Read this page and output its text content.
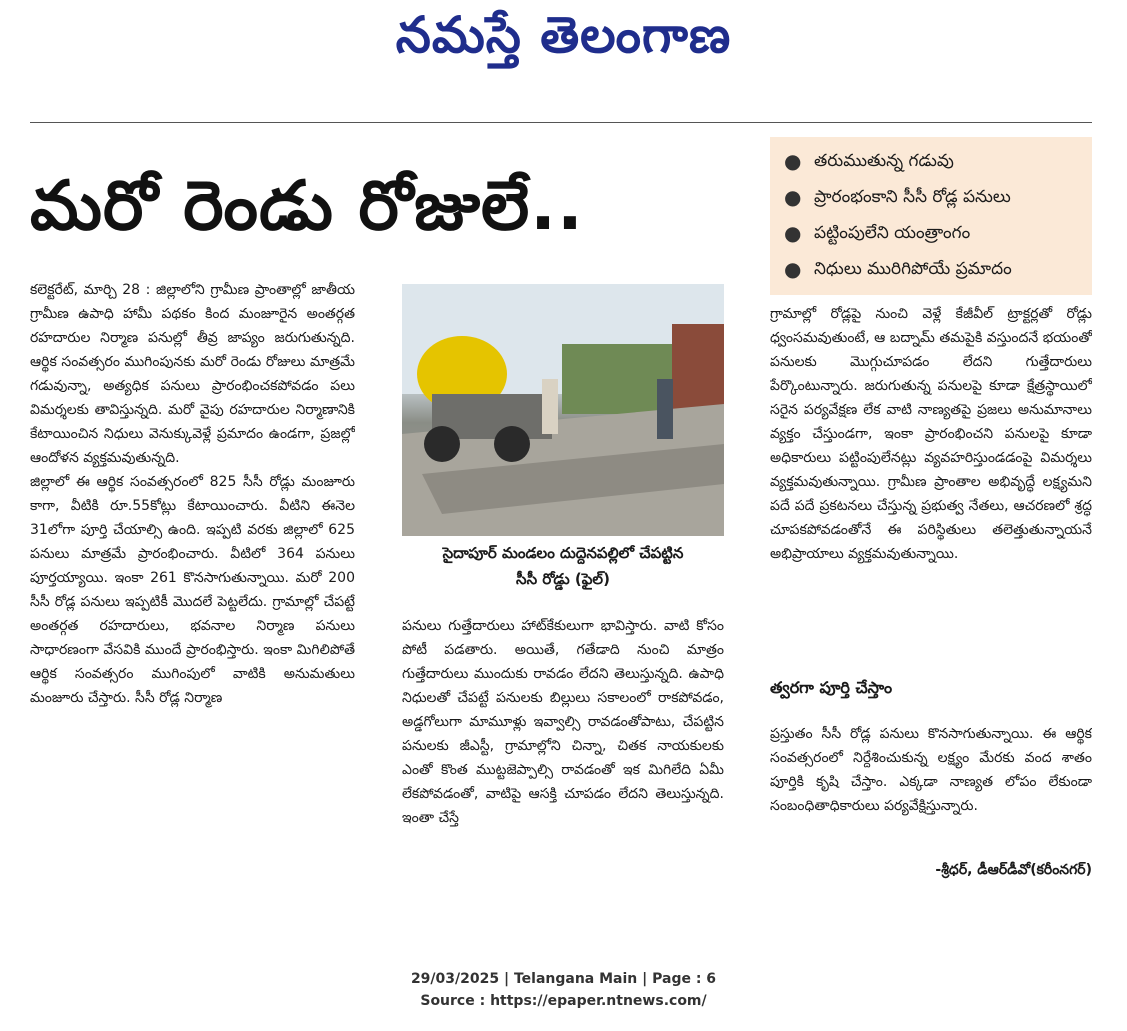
నమస్తే తెలంగాణ
మరో రెండు రోజులే..
● తరుముతున్న గడువు
● ప్రారంభంకాని సీసీ రోడ్ల పనులు
● పట్టింపులేని యంత్రాంగం
● నిధులు మురిగిపోయే ప్రమాదం

కలెక్టరేట్, మార్చి 28 : జిల్లాలోని గ్రామీణ ప్రాంతాల్లో జాతీయ గ్రామీణ ఉపాధి హామీ పథకం కింద మంజూరైన అంతర్గత రహదారుల నిర్మాణ పనుల్లో తీవ్ర జాప్యం జరుగుతున్నది. ఆర్థిక సంవత్సరం ముగింపునకు మరో రెండు రోజులు మాత్రమే గడువున్నా, అత్యధిక పనులు ప్రారంభించకపోవడం పలు విమర్శలకు తావిస్తున్నది. మరో వైపు రహదారుల నిర్మాణానికి కేటాయించిన నిధులు వెనుక్కువెళ్లే ప్రమాదం ఉండగా, ప్రజల్లో ఆందోళన వ్యక్తమవుతున్నది.

జిల్లాలో ఈ ఆర్థిక సంవత్సరంలో 825 సీసీ రోడ్లు మంజూరు కాగా, వీటికి రూ.55కోట్లు కేటాయించారు. వీటిని ఈనెల 31లోగా పూర్తి చేయాల్సి ఉంది. ఇప్పటి వరకు జిల్లాలో 625 పనులు మాత్రమే ప్రారంభించారు. వీటిలో 364 పనులు పూర్తయ్యాయి. ఇంకా 261 కొనసాగుతున్నాయి. మరో 200 సీసీ రోడ్ల పనులు ఇప్పటికీ మొదలే పెట్టలేదు. గ్రామాల్లో చేపట్టే అంతర్గత రహదారులు, భవనాల నిర్మాణ పనులు సాధారణంగా వేసవికి ముందే ప్రారంభిస్తారు. ఇంకా మిగిలిపోతే ఆర్థిక సంవత్సరం ముగింపులో వాటికి అనుమతులు మంజూరు చేస్తారు. సీసీ రోడ్ల నిర్మాణ

సైదాపూర్ మండలం దుద్దెనపల్లిలో చేపట్టిన
సీసీ రోడ్డు (ఫైల్)

పనులు గుత్తేదారులు హాట్‌కేకులుగా భావిస్తారు. వాటి కోసం పోటీ పడతారు. అయితే, గతేడాది నుంచి మాత్రం గుత్తేదారులు ముందుకు రావడం లేదని తెలుస్తున్నది. ఉపాధి నిధులతో చేపట్టే పనులకు బిల్లులు సకాలంలో రాకపోవడం, అడ్డగోలుగా మామూళ్లు ఇవ్వాల్సి రావడంతోపాటు, చేపట్టిన పనులకు జీఎస్టీ, గ్రామాల్లోని చిన్నా, చితక నాయకులకు ఎంతో కొంత ముట్టజెప్పాల్సి రావడంతో ఇక మిగిలేది ఏమీ లేకపోవడంతో, వాటిపై ఆసక్తి చూపడం లేదని తెలుస్తున్నది. ఇంతా చేస్తే

గ్రామాల్లో రోడ్లపై నుంచి వెళ్లే కేజీవీల్ ట్రాక్టర్లతో రోడ్లు ధ్వంసమవుతుంటే, ఆ బద్నామ్ తమపైకి వస్తుందనే భయంతో పనులకు మొగ్గుచూపడం లేదని గుత్తేదారులు పేర్కొంటున్నారు. జరుగుతున్న పనులపై కూడా క్షేత్రస్థాయిలో సరైన పర్యవేక్షణ లేక వాటి నాణ్యతపై ప్రజలు అనుమానాలు వ్యక్తం చేస్తుండగా, ఇంకా ప్రారంభించని పనులపై కూడా అధికారులు పట్టింపులేనట్లు వ్యవహరిస్తుండడంపై విమర్శలు వ్యక్తమవుతున్నాయి. గ్రామీణ ప్రాంతాల అభివృద్ధే లక్ష్యమని పదే పదే ప్రకటనలు చేస్తున్న ప్రభుత్వ నేతలు, ఆచరణలో శ్రద్ధ చూపకపోవడంతోనే ఈ పరిస్థితులు తలెత్తుతున్నాయనే అభిప్రాయాలు వ్యక్తమవుతున్నాయి.

త్వరగా పూర్తి చేస్తాం

ప్రస్తుతం సీసీ రోడ్ల పనులు కొనసాగుతున్నాయి. ఈ ఆర్థిక సంవత్సరంలో నిర్దేశించుకున్న లక్ష్యం మేరకు వంద శాతం పూర్తికి కృషి చేస్తాం. ఎక్కడా నాణ్యత లోపం లేకుండా సంబంధితాధికారులు పర్యవేక్షిస్తున్నారు.

-శ్రీధర్, డీఆర్‌డీవో(కరీంనగర్)
29/03/2025 | Telangana Main | Page : 6
Source : https://epaper.ntnews.com/
